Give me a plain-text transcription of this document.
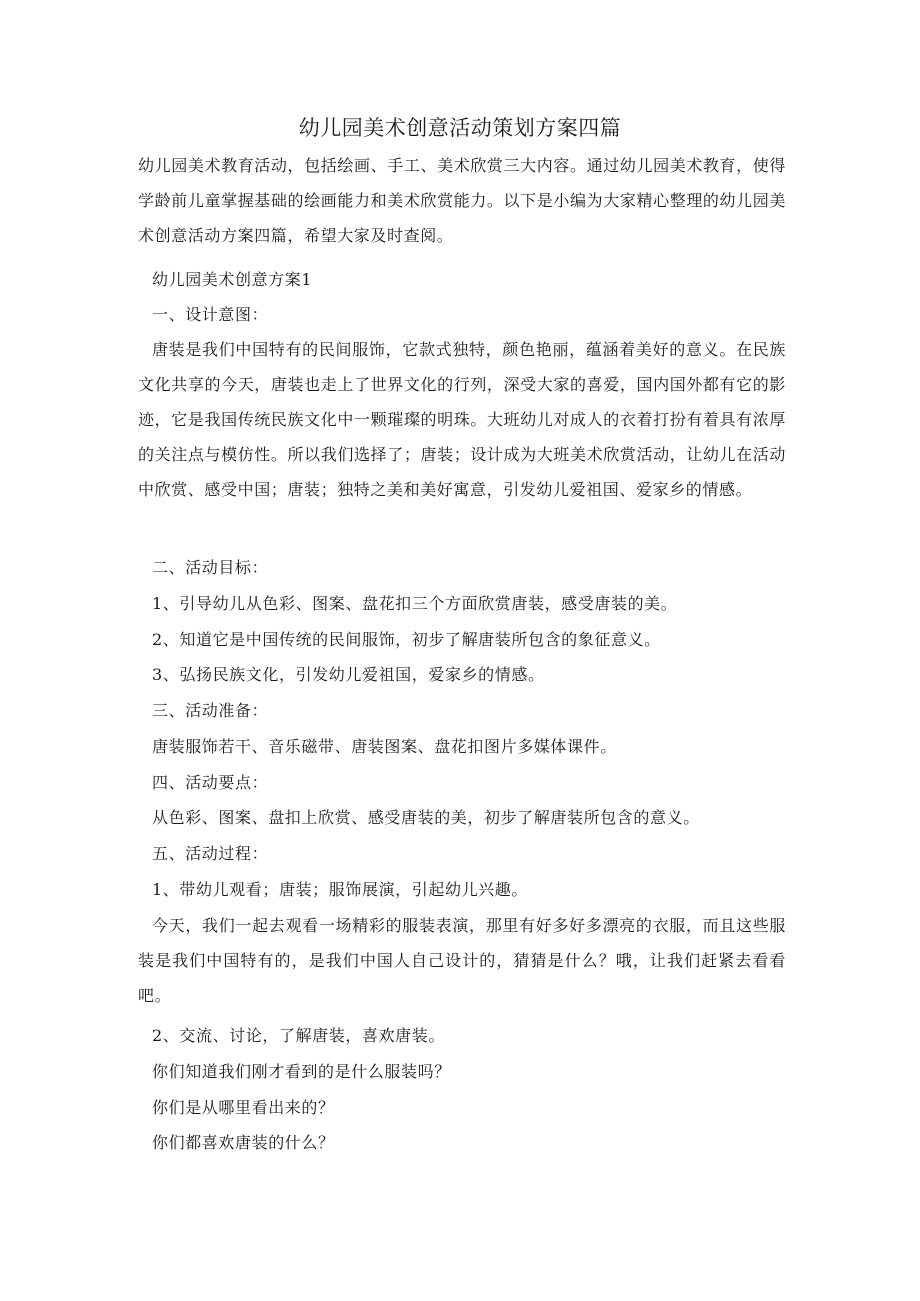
幼儿园美术创意活动策划方案四篇
幼儿园美术教育活动，包括绘画、手工、美术欣赏三大内容。通过幼儿园美术教育，使得学龄前儿童掌握基础的绘画能力和美术欣赏能力。以下是小编为大家精心整理的幼儿园美术创意活动方案四篇，希望大家及时查阅。
幼儿园美术创意方案1
一、设计意图：
唐装是我们中国特有的民间服饰，它款式独特，颜色艳丽，蕴涵着美好的意义。在民族文化共享的今天，唐装也走上了世界文化的行列，深受大家的喜爱，国内国外都有它的影迹，它是我国传统民族文化中一颗璀璨的明珠。大班幼儿对成人的衣着打扮有着具有浓厚的关注点与模仿性。所以我们选择了；唐装；设计成为大班美术欣赏活动，让幼儿在活动中欣赏、感受中国；唐装；独特之美和美好寓意，引发幼儿爱祖国、爱家乡的情感。
二、活动目标：
1、引导幼儿从色彩、图案、盘花扣三个方面欣赏唐装，感受唐装的美。
2、知道它是中国传统的民间服饰，初步了解唐装所包含的象征意义。
3、弘扬民族文化，引发幼儿爱祖国，爱家乡的情感。
三、活动准备：
唐装服饰若干、音乐磁带、唐装图案、盘花扣图片多媒体课件。
四、活动要点：
从色彩、图案、盘扣上欣赏、感受唐装的美，初步了解唐装所包含的意义。
五、活动过程：
1、带幼儿观看；唐装；服饰展演，引起幼儿兴趣。
今天，我们一起去观看一场精彩的服装表演，那里有好多好多漂亮的衣服，而且这些服装是我们中国特有的，是我们中国人自己设计的，猜猜是什么？哦，让我们赶紧去看看吧。
2、交流、讨论，了解唐装，喜欢唐装。
你们知道我们刚才看到的是什么服装吗？
你们是从哪里看出来的？
你们都喜欢唐装的什么？
